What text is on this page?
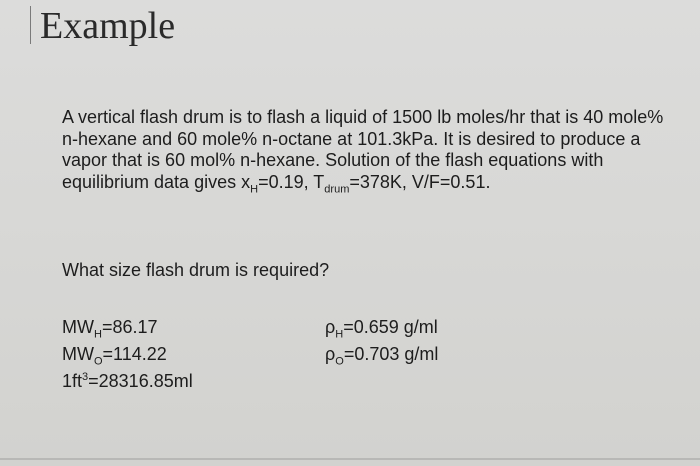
Example

A vertical flash drum is to flash a liquid of 1500 lb moles/hr that is 40 mole% n-hexane and 60 mole% n-octane at 101.3kPa. It is desired to produce a vapor that is 60 mol% n-hexane. Solution of the flash equations with equilibrium data gives $x_H=0.19$, $T_{drum}=378K$, V/F=0.51.

What size flash drum is required?

$MW_H=86.17$
$MW_O=114.22$
$1ft^3=28316.85ml$
$\rho_H=0.659$ g/ml
$\rho_O=0.703$ g/ml
